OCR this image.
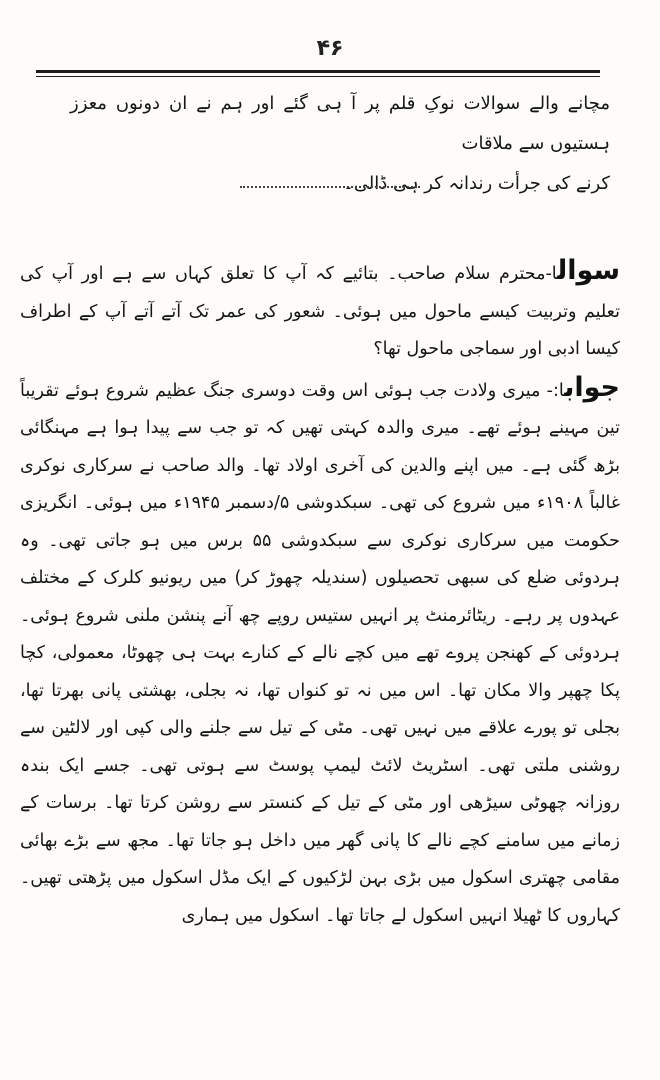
۴۶

مچانے والے سوالات نوکِ قلم پر آ ہی گئے اور ہم نے ان دونوں معزز ہستیوں سے ملاقات

کرنے کی جرأت رندانہ کر ہی ڈالی۔

سوالا-محترم سلام صاحب۔ بتائیے کہ آپ کا تعلق کہاں سے ہے اور آپ کی تعلیم وتربیت کیسے ماحول میں ہوئی۔ شعور کی عمر تک آتے آتے آپ کے اطراف کیسا ادبی اور سماجی ماحول تھا؟

جوابا:- میری ولادت جب ہوئی اس وقت دوسری جنگ عظیم شروع ہوئے تقریباً تین مہینے ہوئے تھے۔ میری والدہ کہتی تھیں کہ تو جب سے پیدا ہوا ہے مہنگائی بڑھ گئی ہے۔ میں اپنے والدین کی آخری اولاد تھا۔ والد صاحب نے سرکاری نوکری غالباً ۱۹۰۸ء میں شروع کی تھی۔ سبکدوشی ۵/دسمبر ۱۹۴۵ء میں ہوئی۔ انگریزی حکومت میں سرکاری نوکری سے سبکدوشی ۵۵ برس میں ہو جاتی تھی۔ وہ ہردوئی ضلع کی سبھی تحصیلوں (سندیلہ چھوڑ کر) میں ریونیو کلرک کے مختلف عہدوں پر رہے۔ ریٹائرمنٹ پر انہیں ستیس روپے چھ آنے پنشن ملنی شروع ہوئی۔ ہردوئی کے کھنجن پروے تھے میں کچے نالے کے کنارے بہت ہی چھوٹا، معمولی، کچا پکا چھپر والا مکان تھا۔ اس میں نہ تو کنواں تھا، نہ بجلی، بھشتی پانی بھرتا تھا، بجلی تو پورے علاقے میں نہیں تھی۔ مٹی کے تیل سے جلنے والی کپی اور لالٹین سے روشنی ملتی تھی۔ اسٹریٹ لائٹ لیمپ پوسٹ سے ہوتی تھی۔ جسے ایک بندہ روزانہ چھوٹی سیڑھی اور مٹی کے تیل کے کنستر سے روشن کرتا تھا۔ برسات کے زمانے میں سامنے کچے نالے کا پانی گھر میں داخل ہو جاتا تھا۔ مجھ سے بڑے بھائی مقامی چھتری اسکول میں بڑی بہن لڑکیوں کے ایک مڈل اسکول میں پڑھتی تھیں۔ کہاروں کا ٹھیلا انہیں اسکول لے جاتا تھا۔ اسکول میں ہماری
